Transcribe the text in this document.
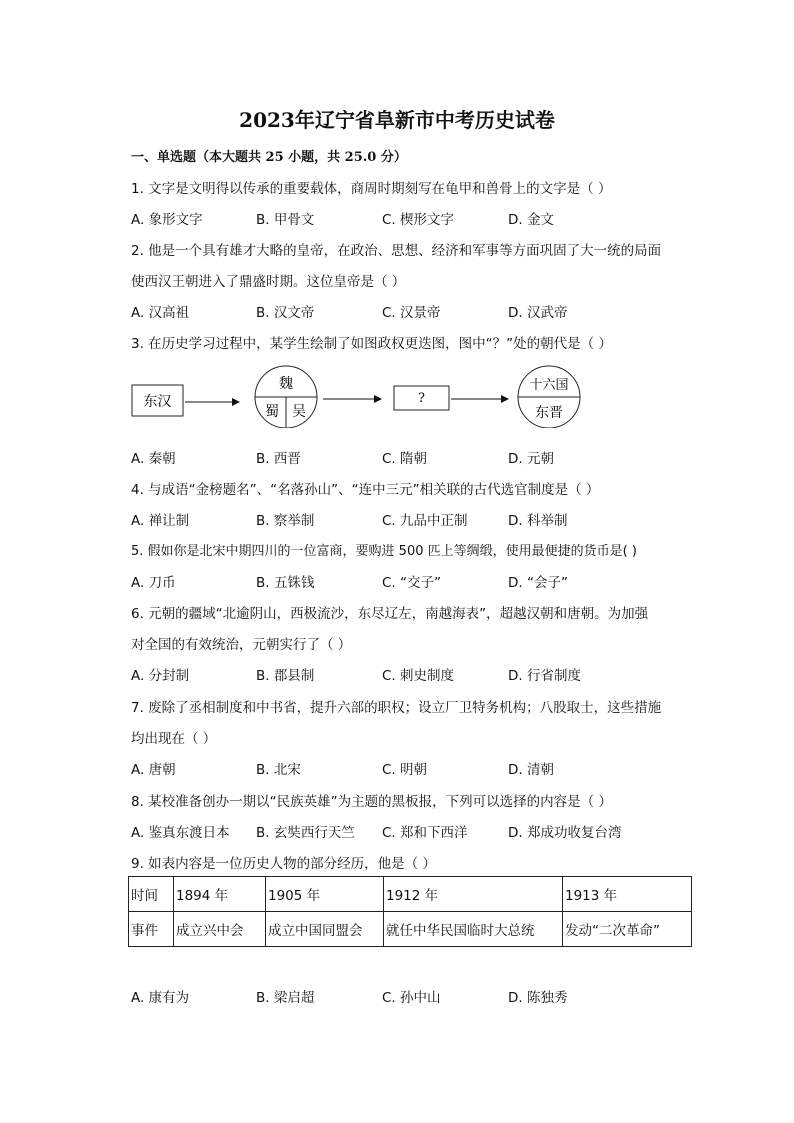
2023年辽宁省阜新市中考历史试卷
一、单选题（本大题共 25 小题，共 25.0 分）
1. 文字是文明得以传承的重要载体，商周时期刻写在龟甲和兽骨上的文字是（ ）
A. 象形文字	B. 甲骨文	C. 楔形文字	D. 金文
2. 他是一个具有雄才大略的皇帝，在政治、思想、经济和军事等方面巩固了大一统的局面
使西汉王朝进入了鼎盛时期。这位皇帝是（ ）
A. 汉高祖	B. 汉文帝	C. 汉景帝	D. 汉武帝
3. 在历史学习过程中，某学生绘制了如图政权更迭图，图中“？”处的朝代是（ ）
东汉
魏
蜀 吴
?
十六国
东晋
A. 秦朝	B. 西晋	C. 隋朝	D. 元朝
4. 与成语“金榜题名”、“名落孙山”、“连中三元”相关联的古代选官制度是（ ）
A. 禅让制	B. 察举制	C. 九品中正制	D. 科举制
5. 假如你是北宋中期四川的一位富商，要购进 500 匹上等绸缎，使用最便捷的货币是( )
A. 刀币	B. 五铢钱	C. “交子”	D. “会子”
6. 元朝的疆域“北逾阴山，西极流沙，东尽辽左，南越海表”，超越汉朝和唐朝。为加强
对全国的有效统治，元朝实行了（ ）
A. 分封制	B. 郡县制	C. 刺史制度	D. 行省制度
7. 废除了丞相制度和中书省，提升六部的职权；设立厂卫特务机构；八股取士，这些措施
均出现在（ ）
A. 唐朝	B. 北宋	C. 明朝	D. 清朝
8. 某校准备创办一期以“民族英雄”为主题的黑板报，下列可以选择的内容是（ ）
A. 鉴真东渡日本 B. 玄奘西行天竺 C. 郑和下西洋	D. 郑成功收复台湾
9. 如表内容是一位历史人物的部分经历，他是（ ）
时间	1894 年	1905 年	1912 年	1913 年
事件	成立兴中会	成立中国同盟会	就任中华民国临时大总统	发动“二次革命”
A. 康有为	B. 梁启超	C. 孙中山	D. 陈独秀
